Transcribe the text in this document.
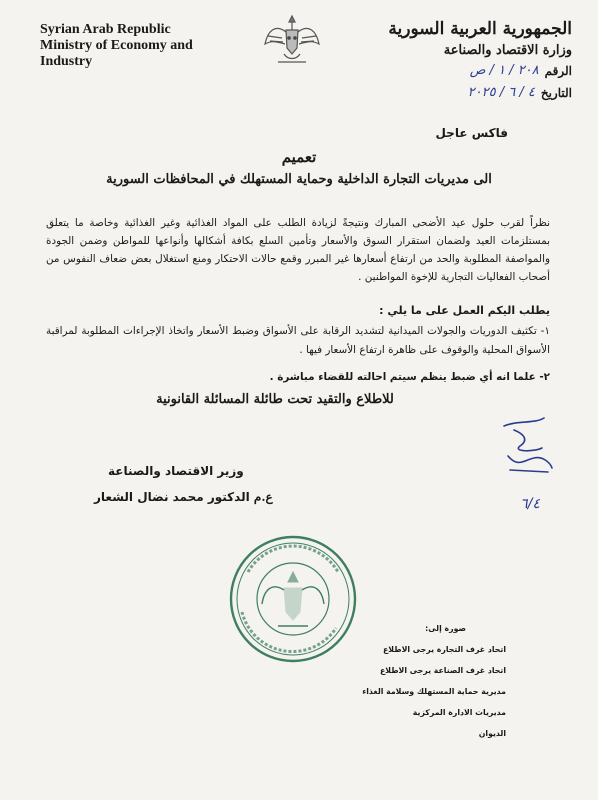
Syrian Arab Republic
Ministry of Economy and
Industry
الجمهورية العربية السورية
وزارة الاقتصاد والصناعة
الرقم
٢٠٨ / ١ / ص
التاريخ
٤ / ٦ / ٢٠٢٥
فاكس عاجل
تعميم
الى مديريات التجارة الداخلية وحماية المستهلك في المحافظات السورية

نظراً لقرب حلول عيد الأضحى المبارك ونتيجةً لزيادة الطلب على المواد الغذائية وغير الغذائية وخاصة ما يتعلق بمستلزمات العيد ولضمان استقرار السوق والأسعار وتأمين السلع بكافة أشكالها وأنواعها للمواطن وضمن الجودة والمواصفة المطلوبة والحد من ارتفاع أسعارها غير المبرر وقمع حالات الاحتكار ومنع استغلال بعض ضعاف النفوس من أصحاب الفعاليات التجارية للإخوة المواطنين .

يطلب اليكم العمل على ما يلي :
١- تكثيف الدوريات والجولات الميدانية لتشديد الرقابة على الأسواق وضبط الأسعار واتخاذ الإجراءات المطلوبة لمراقبة الأسواق المحلية والوقوف على ظاهرة ارتفاع الأسعار فيها .
٢- علما انه أي ضبط ينظم سيتم احالته للقضاء مباشرة .
للاطلاع والتقيد تحت طائلة المسائلة القانونية
٦/٤
وزير الاقتصاد والصناعة
ع.م الدكتور محمد نضال الشعار
صورة إلى:
اتحاد غرف التجارة يرجى الاطلاع
اتحاد غرف الصناعة يرجى الاطلاع
مديرية حماية المستهلك وسلامة الغذاء
مديريات الادارة المركزية
الديوان
